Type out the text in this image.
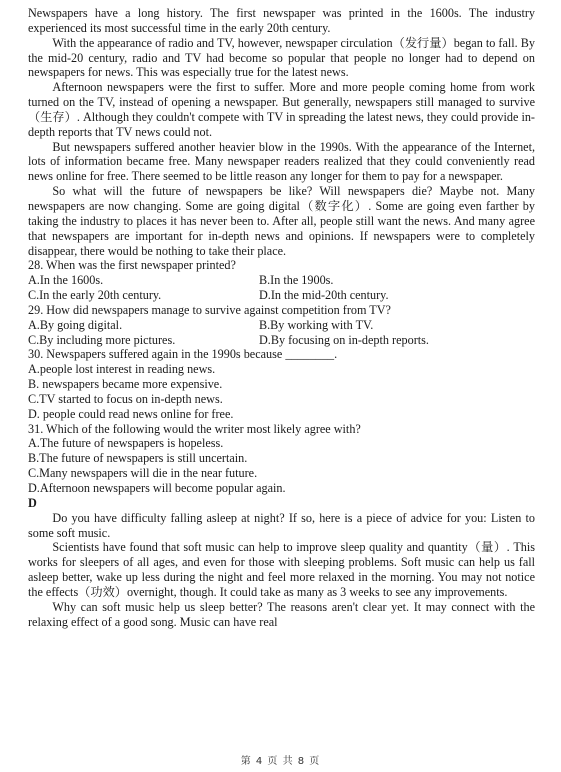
Newspapers have a long history. The first newspaper was printed in the 1600s. The industry experienced its most successful time in the early 20th century.

With the appearance of radio and TV, however, newspaper circulation（发行量）began to fall. By the mid-20 century, radio and TV had become so popular that people no longer had to depend on newspapers for news. This was especially true for the latest news.

Afternoon newspapers were the first to suffer. More and more people coming home from work turned on the TV, instead of opening a newspaper. But generally, newspapers still managed to survive（生存）. Although they couldn't compete with TV in spreading the latest news, they could provide in-depth reports that TV news could not.

But newspapers suffered another heavier blow in the 1990s. With the appearance of the Internet, lots of information became free. Many newspaper readers realized that they could conveniently read news online for free. There seemed to be little reason any longer for them to pay for a newspaper.

So what will the future of newspapers be like? Will newspapers die? Maybe not. Many newspapers are now changing. Some are going digital（数字化）. Some are going even farther by taking the industry to places it has never been to. After all, people still want the news. And many agree that newspapers are important for in-depth news and opinions. If newspapers were to completely disappear, there would be nothing to take their place.

28. When was the first newspaper printed?

A.In the 1600s.	B.In the 1900s.
C.In the early 20th century.	D.In the mid-20th century.

29. How did newspapers manage to survive against competition from TV?

A.By going digital.	B.By working with TV.
C.By including more pictures.	D.By focusing on in-depth reports.

30. Newspapers suffered again in the 1990s because ________.

A.people lost interest in reading news.

B. newspapers became more expensive.

C.TV started to focus on in-depth news.

D. people could read news online for free.

31. Which of the following would the writer most likely agree with?

A.The future of newspapers is hopeless.

B.The future of newspapers is still uncertain.

C.Many newspapers will die in the near future.

D.Afternoon newspapers will become popular again.

D

Do you have difficulty falling asleep at night? If so, here is a piece of advice for you: Listen to some soft music.

Scientists have found that soft music can help to improve sleep quality and quantity（量）. This works for sleepers of all ages, and even for those with sleeping problems. Soft music can help us fall asleep better, wake up less during the night and feel more relaxed in the morning. You may not notice the effects（功效）overnight, though. It could take as many as 3 weeks to see any improvements.

Why can soft music help us sleep better? The reasons aren't clear yet. It may connect with the relaxing effect of a good song. Music can have real

第 4 页 共 8 页
